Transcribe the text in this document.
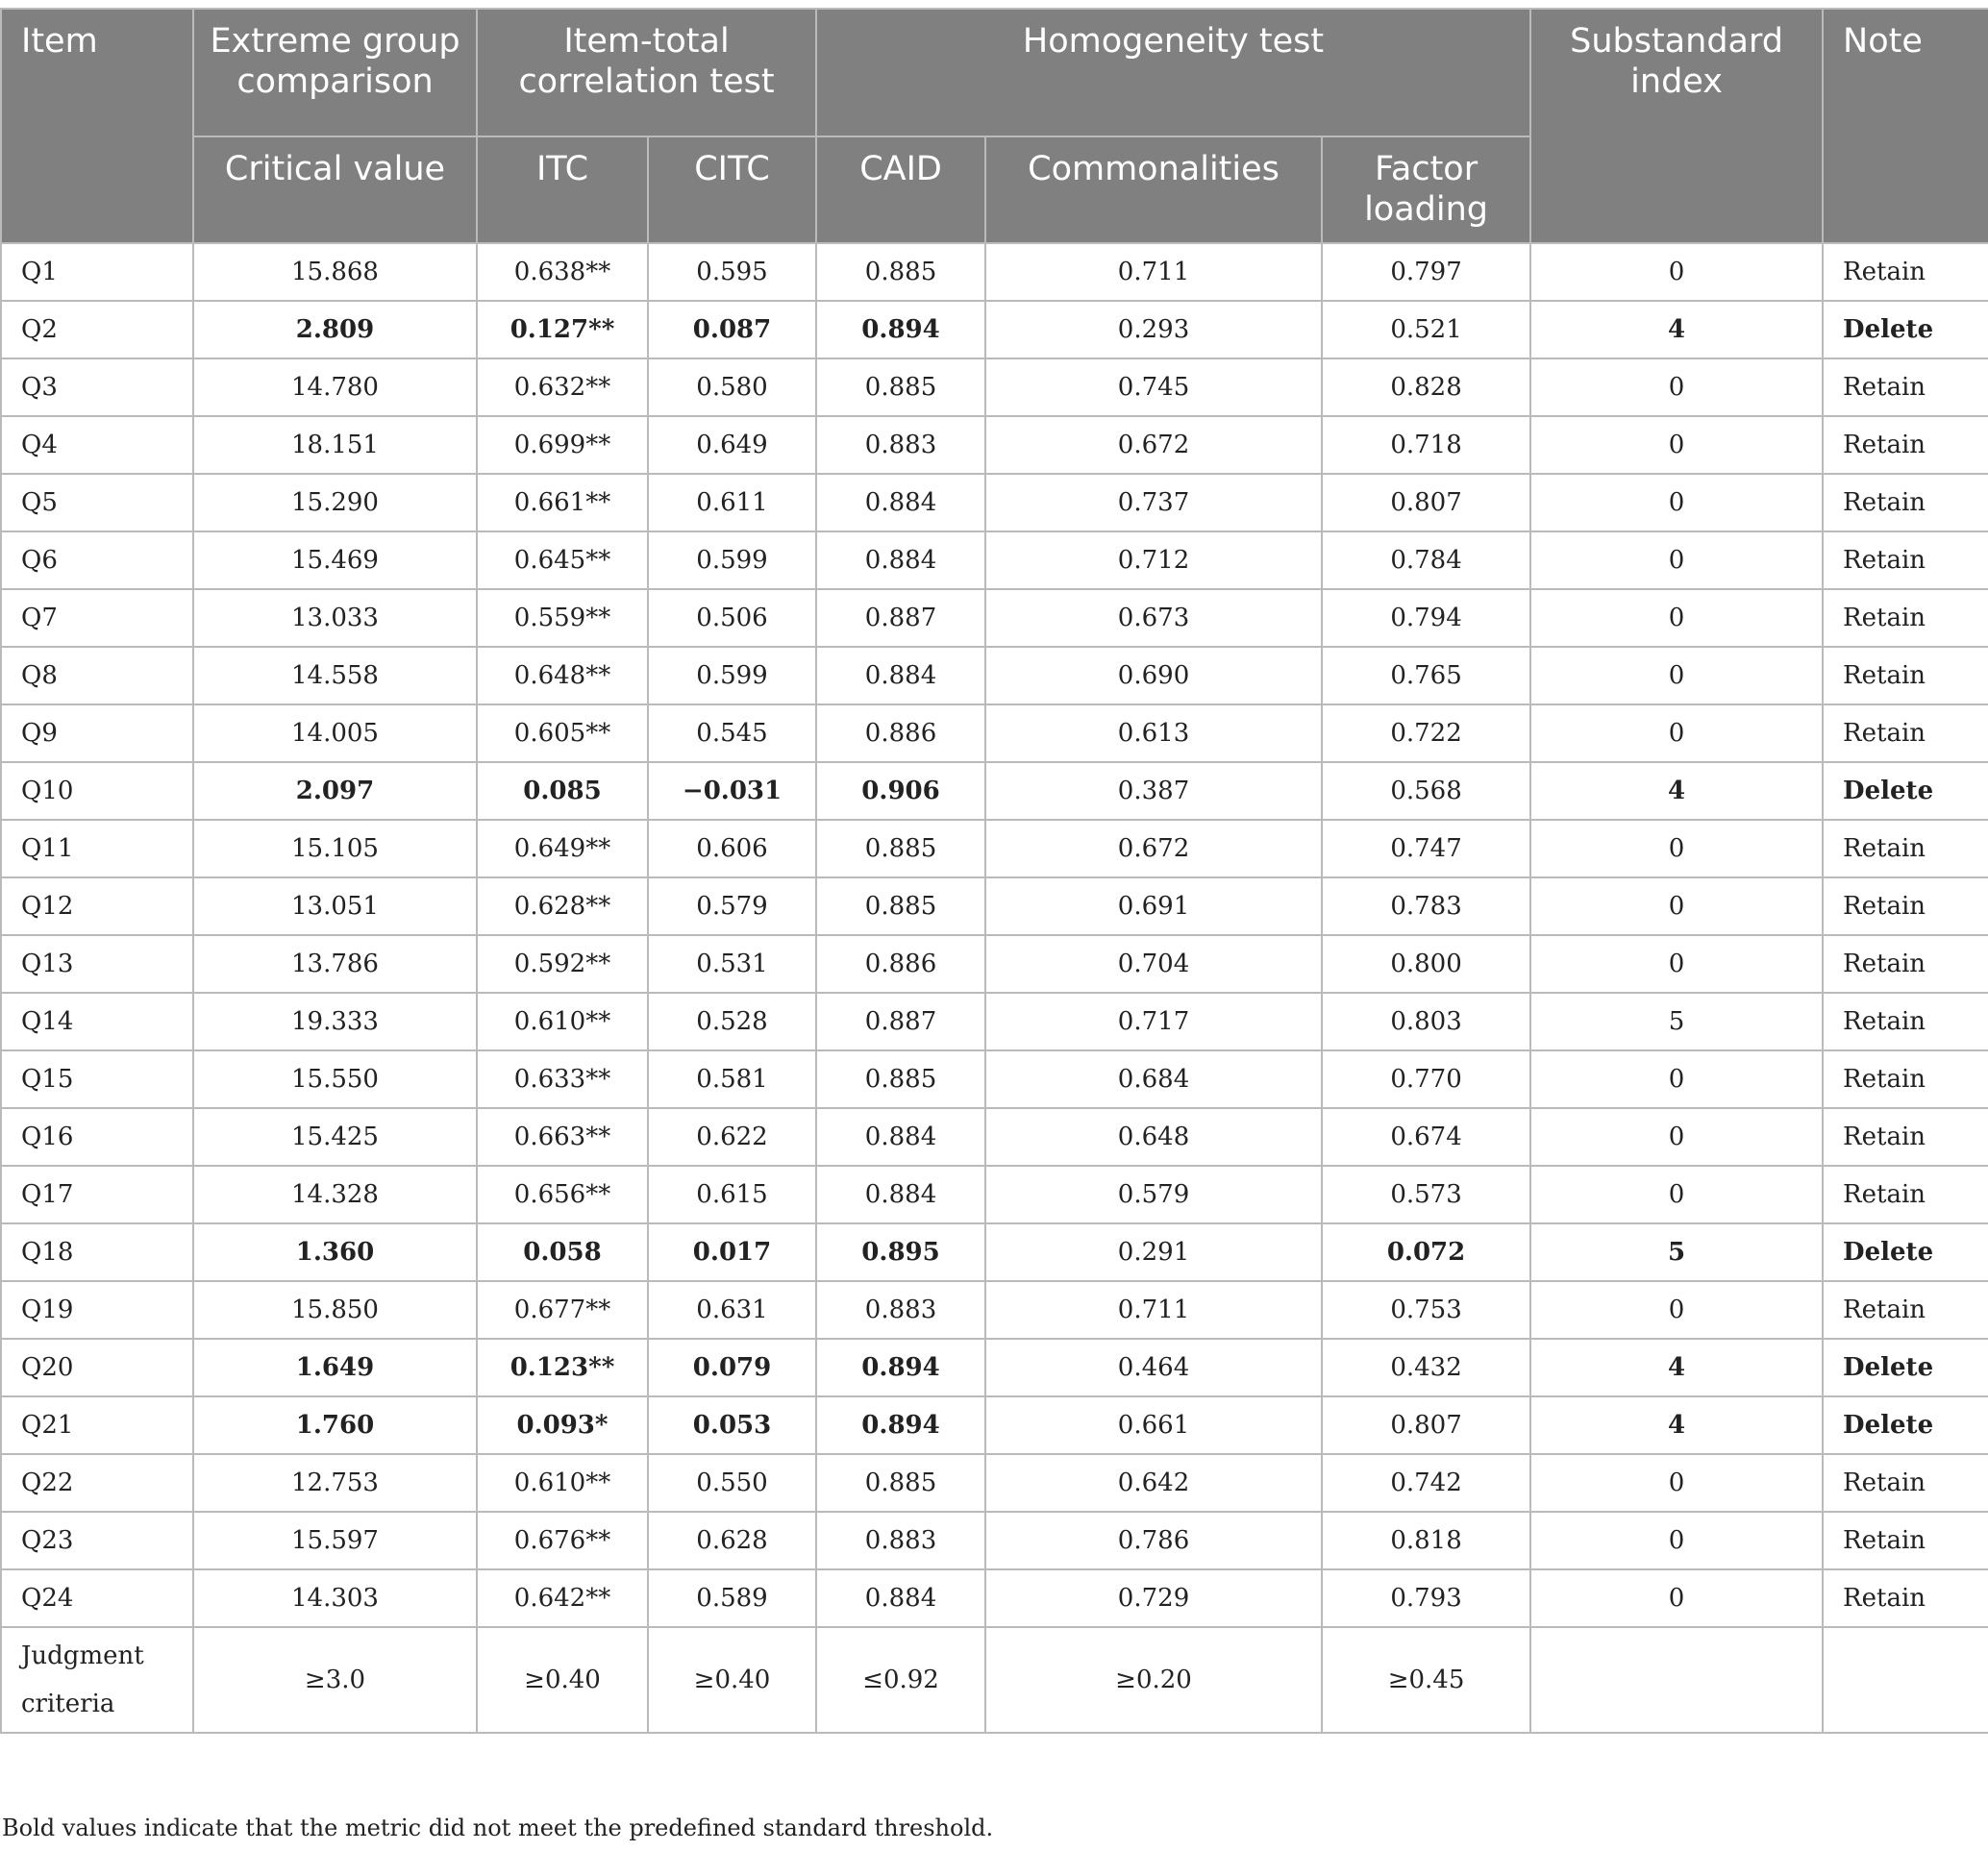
Item	Extreme group comparison	Item-total correlation test		Homogeneity test			Substandard index	Note
	Critical value	ITC	CITC	CAID	Commonalities	Factor loading		
Q1	15.868	0.638**	0.595	0.885	0.711	0.797	0	Retain
Q2	2.809	0.127**	0.087	0.894	0.293	0.521	4	Delete
Q3	14.780	0.632**	0.580	0.885	0.745	0.828	0	Retain
Q4	18.151	0.699**	0.649	0.883	0.672	0.718	0	Retain
Q5	15.290	0.661**	0.611	0.884	0.737	0.807	0	Retain
Q6	15.469	0.645**	0.599	0.884	0.712	0.784	0	Retain
Q7	13.033	0.559**	0.506	0.887	0.673	0.794	0	Retain
Q8	14.558	0.648**	0.599	0.884	0.690	0.765	0	Retain
Q9	14.005	0.605**	0.545	0.886	0.613	0.722	0	Retain
Q10	2.097	0.085	−0.031	0.906	0.387	0.568	4	Delete
Q11	15.105	0.649**	0.606	0.885	0.672	0.747	0	Retain
Q12	13.051	0.628**	0.579	0.885	0.691	0.783	0	Retain
Q13	13.786	0.592**	0.531	0.886	0.704	0.800	0	Retain
Q14	19.333	0.610**	0.528	0.887	0.717	0.803	5	Retain
Q15	15.550	0.633**	0.581	0.885	0.684	0.770	0	Retain
Q16	15.425	0.663**	0.622	0.884	0.648	0.674	0	Retain
Q17	14.328	0.656**	0.615	0.884	0.579	0.573	0	Retain
Q18	1.360	0.058	0.017	0.895	0.291	0.072	5	Delete
Q19	15.850	0.677**	0.631	0.883	0.711	0.753	0	Retain
Q20	1.649	0.123**	0.079	0.894	0.464	0.432	4	Delete
Q21	1.760	0.093*	0.053	0.894	0.661	0.807	4	Delete
Q22	12.753	0.610**	0.550	0.885	0.642	0.742	0	Retain
Q23	15.597	0.676**	0.628	0.883	0.786	0.818	0	Retain
Q24	14.303	0.642**	0.589	0.884	0.729	0.793	0	Retain
Judgment criteria	≥3.0	≥0.40	≥0.40	≤0.92	≥0.20	≥0.45		
Bold values indicate that the metric did not meet the predefined standard threshold.
